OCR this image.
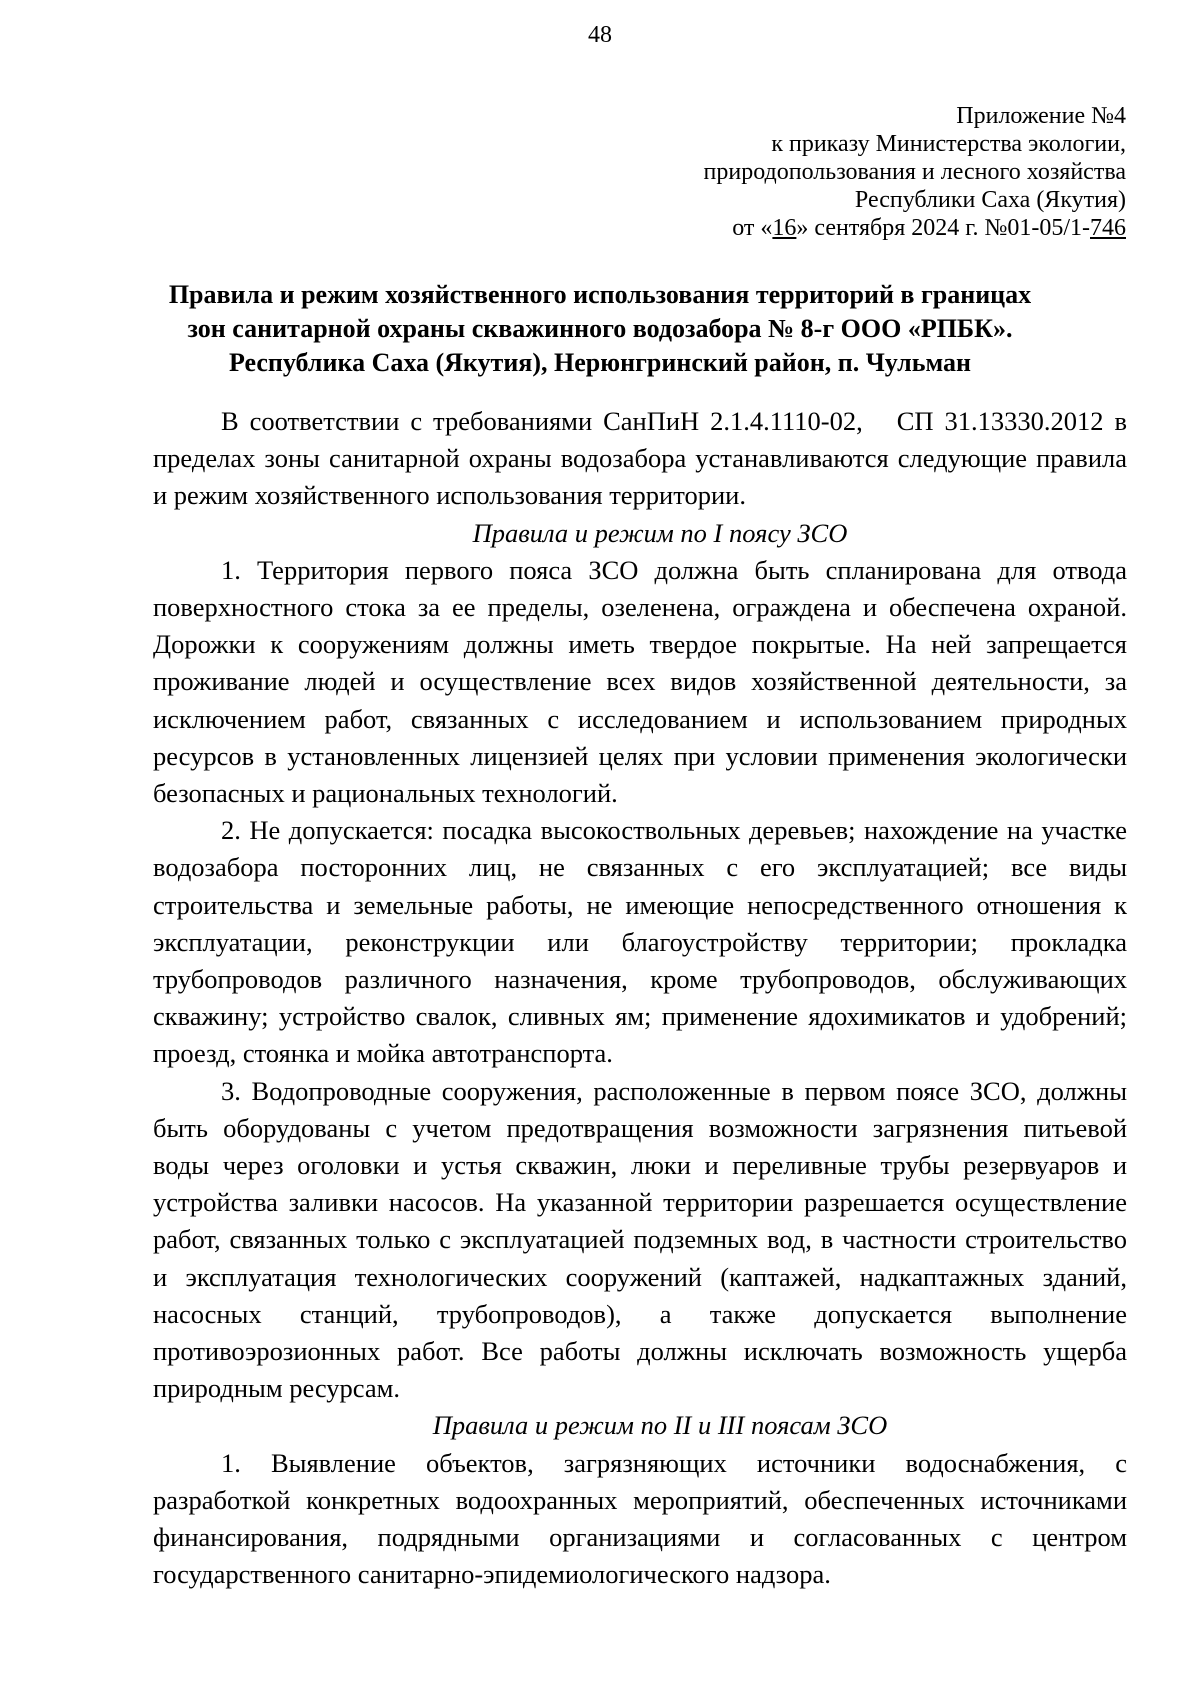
48
Приложение №4
к приказу Министерства экологии,
природопользования и лесного хозяйства
Республики Саха (Якутия)
от «16» сентября 2024 г. №01-05/1-746
Правила и режим хозяйственного использования территорий в границах
зон санитарной охраны скважинного водозабора № 8-г ООО «РПБК».
Республика Саха (Якутия), Нерюнгринский район, п. Чульман

В соответствии с требованиями СанПиН 2.1.4.1110-02, СП 31.13330.2012 в пределах зоны санитарной охраны водозабора устанавливаются следующие правила и режим хозяйственного использования территории.

Правила и режим по I поясу ЗСО

1. Территория первого пояса ЗСО должна быть спланирована для отвода поверхностного стока за ее пределы, озеленена, ограждена и обеспечена охраной. Дорожки к сооружениям должны иметь твердое покрытые. На ней запрещается проживание людей и осуществление всех видов хозяйственной деятельности, за исключением работ, связанных с исследованием и использованием природных ресурсов в установленных лицензией целях при условии применения экологически безопасных и рациональных технологий.

2. Не допускается: посадка высокоствольных деревьев; нахождение на участке водозабора посторонних лиц, не связанных с его эксплуатацией; все виды строительства и земельные работы, не имеющие непосредственного отношения к эксплуатации, реконструкции или благоустройству территории; прокладка трубопроводов различного назначения, кроме трубопроводов, обслуживающих скважину; устройство свалок, сливных ям; применение ядохимикатов и удобрений; проезд, стоянка и мойка автотранспорта.

3. Водопроводные сооружения, расположенные в первом поясе ЗСО, должны быть оборудованы с учетом предотвращения возможности загрязнения питьевой воды через оголовки и устья скважин, люки и переливные трубы резервуаров и устройства заливки насосов. На указанной территории разрешается осуществление работ, связанных только с эксплуатацией подземных вод, в частности строительство и эксплуатация технологических сооружений (каптажей, надкаптажных зданий, насосных станций, трубопроводов), а также допускается выполнение противоэрозионных работ. Все работы должны исключать возможность ущерба природным ресурсам.

Правила и режим по II и III поясам ЗСО

1. Выявление объектов, загрязняющих источники водоснабжения, с разработкой конкретных водоохранных мероприятий, обеспеченных источниками финансирования, подрядными организациями и согласованных с центром государственного санитарно-эпидемиологического надзора.
